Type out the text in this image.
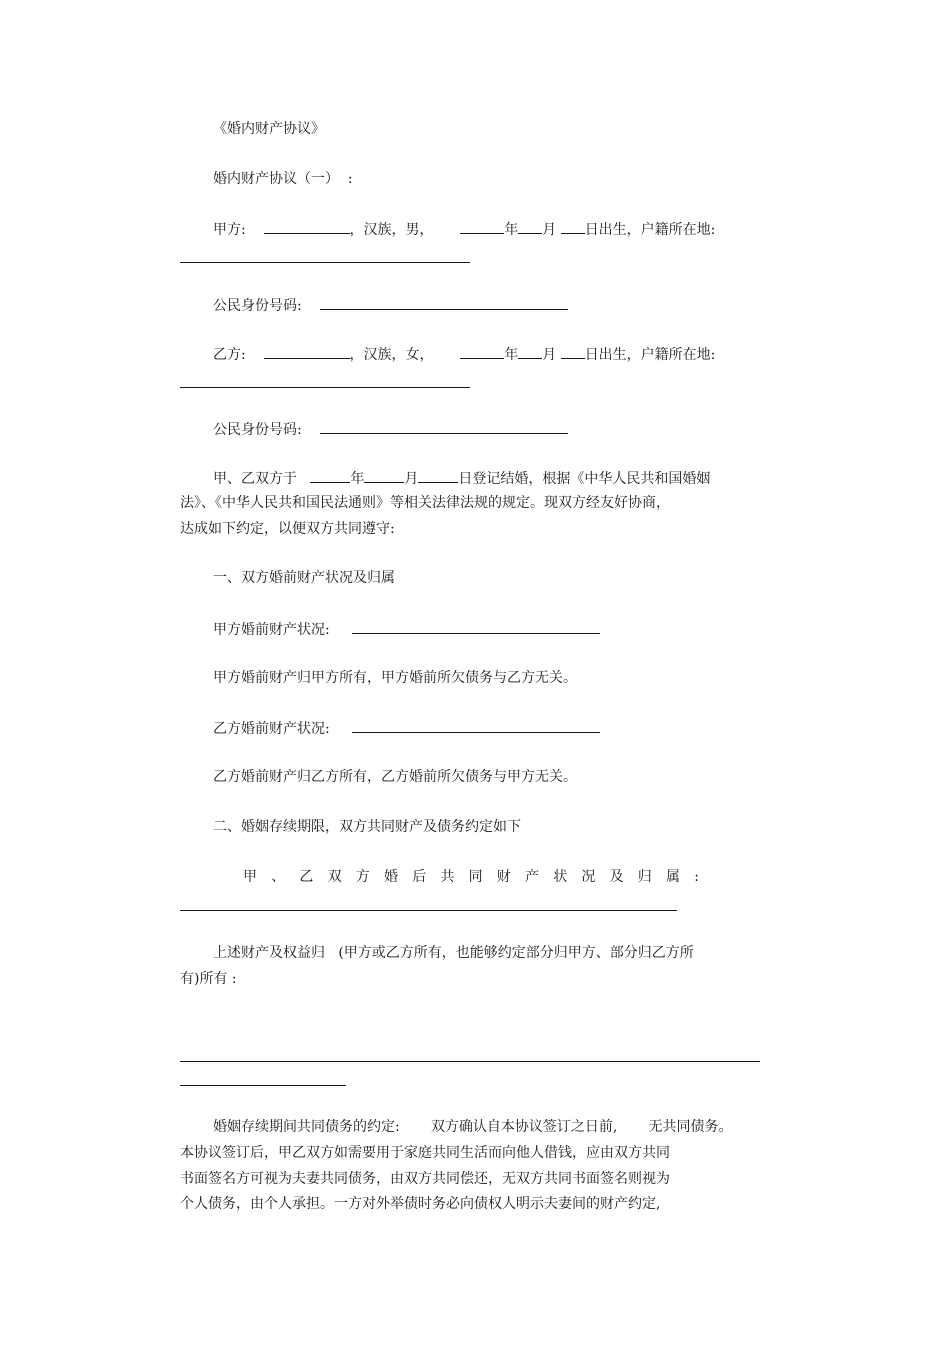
《婚内财产协议》
婚内财产协议（一）  :
甲方:	，汉族，男，	年 月 日出生，户籍所在地:
公民身份号码:
乙方:	，汉族，女，	年 月 日出生，户籍所在地:
公民身份号码:
甲、乙双方于	年	月	日登记结婚，根据《中华人民共和国婚姻
法》、《中华人民共和国民法通则》等相关法律法规的规定。现双方经友好协商，
达成如下约定，以便双方共同遵守:
一、双方婚前财产状况及归属
甲方婚前财产状况:
甲方婚前财产归甲方所有，甲方婚前所欠债务与乙方无关。
乙方婚前财产状况:
乙方婚前财产归乙方所有，乙方婚前所欠债务与甲方无关。
二、婚姻存续期限，双方共同财产及债务约定如下
甲、乙双方婚后共同财产状况及归属:
上述财产及权益归   (甲方或乙方所有，也能够约定部分归甲方、部分归乙方所
有)所有 :
婚姻存续期间共同债务的约定:       双方确认自本协议签订之日前,       无共同债务。
本协议签订后，甲乙双方如需要用于家庭共同生活而向他人借钱，应由双方共同
书面签名方可视为夫妻共同债务，由双方共同偿还，无双方共同书面签名则视为
个人债务，由个人承担。一方对外举债时务必向债权人明示夫妻间的财产约定,
